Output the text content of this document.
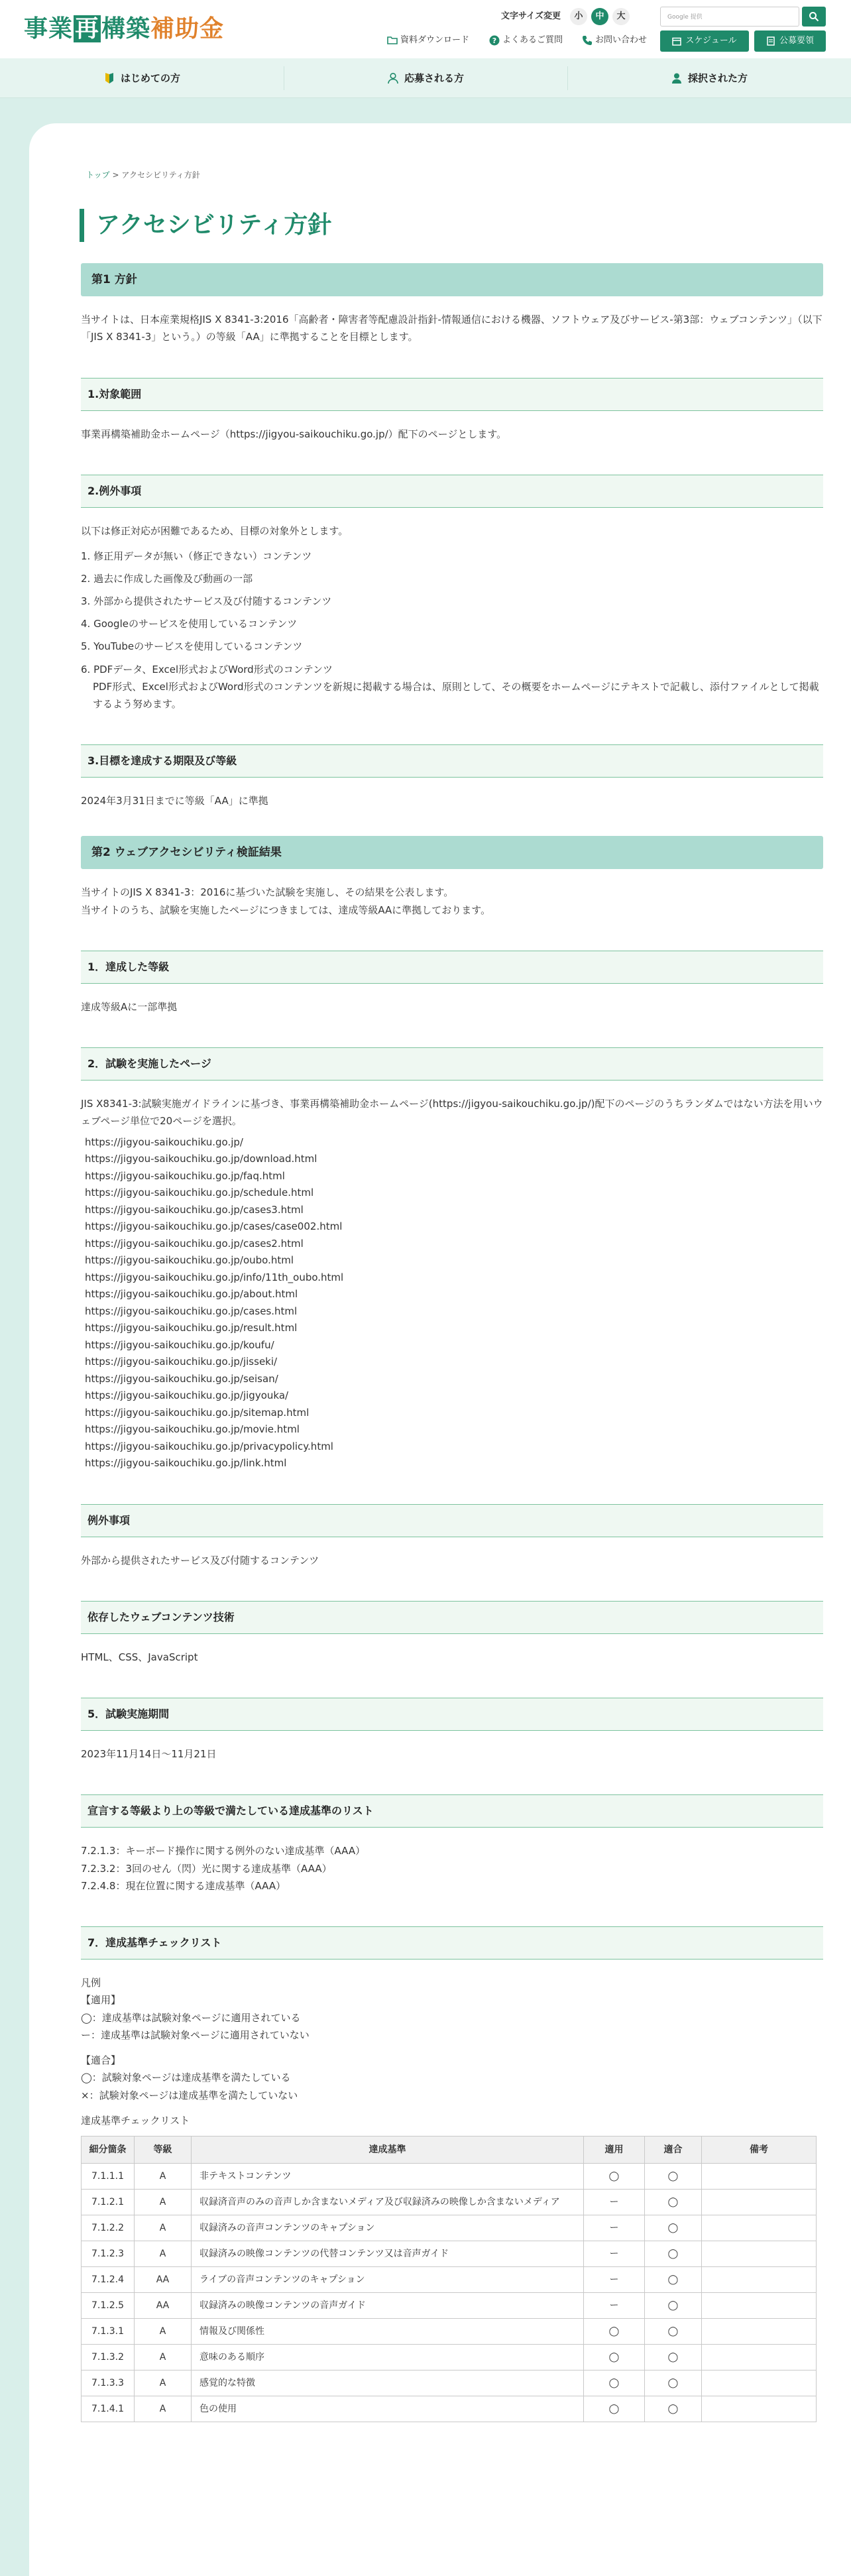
事業再構築補助金	文字サイズ変更	小	中	大	Google 提供
資料ダウンロード	? よくあるご質問	お問い合わせ	スケジュール	公募要領
はじめての方	応募される方	採択された方
トップ > アクセシビリティ方針
アクセシビリティ方針
第1 方針

当サイトは、日本産業規格JIS X 8341-3:2016「高齢者・障害者等配慮設計指針-情報通信における機器、ソフトウェア及びサービス-第3部：ウェブコンテンツ」（以下「JIS X 8341-3」という。）の等級「AA」に準拠することを目標とします。

1.対象範囲

事業再構築補助金ホームページ（https://jigyou-saikouchiku.go.jp/）配下のページとします。

2.例外事項

以下は修正対応が困難であるため、目標の対象外とします。

1. 修正用データが無い（修正できない）コンテンツ
2. 過去に作成した画像及び動画の一部
3. 外部から提供されたサービス及び付随するコンテンツ
4. Googleのサービスを使用しているコンテンツ
5. YouTubeのサービスを使用しているコンテンツ
6. PDFデータ、Excel形式およびWord形式のコンテンツ
PDF形式、Excel形式およびWord形式のコンテンツを新規に掲載する場合は、原則として、その概要をホームページにテキストで記載し、添付ファイルとして掲載するよう努めます。
3.目標を達成する期限及び等級

2024年3月31日までに等級「AA」に準拠

第2 ウェブアクセシビリティ検証結果

当サイトのJIS X 8341-3：2016に基づいた試験を実施し、その結果を公表します。

当サイトのうち、試験を実施したページにつきましては、達成等級AAに準拠しております。

1．達成した等級

達成等級Aに一部準拠

2．試験を実施したページ

JIS X8341-3:試験実施ガイドラインに基づき、事業再構築補助金ホームページ(https://jigyou-saikouchiku.go.jp/)配下のページのうちランダムではない方法を用いウェブページ単位で20ページを選択。

https://jigyou-saikouchiku.go.jp/
https://jigyou-saikouchiku.go.jp/download.html
https://jigyou-saikouchiku.go.jp/faq.html
https://jigyou-saikouchiku.go.jp/schedule.html
https://jigyou-saikouchiku.go.jp/cases3.html
https://jigyou-saikouchiku.go.jp/cases/case002.html
https://jigyou-saikouchiku.go.jp/cases2.html
https://jigyou-saikouchiku.go.jp/oubo.html
https://jigyou-saikouchiku.go.jp/info/11th_oubo.html
https://jigyou-saikouchiku.go.jp/about.html
https://jigyou-saikouchiku.go.jp/cases.html
https://jigyou-saikouchiku.go.jp/result.html
https://jigyou-saikouchiku.go.jp/koufu/
https://jigyou-saikouchiku.go.jp/jisseki/
https://jigyou-saikouchiku.go.jp/seisan/
https://jigyou-saikouchiku.go.jp/jigyouka/
https://jigyou-saikouchiku.go.jp/sitemap.html
https://jigyou-saikouchiku.go.jp/movie.html
https://jigyou-saikouchiku.go.jp/privacypolicy.html
https://jigyou-saikouchiku.go.jp/link.html
例外事項

外部から提供されたサービス及び付随するコンテンツ

依存したウェブコンテンツ技術

HTML、CSS、JavaScript

5．試験実施期間

2023年11月14日〜11月21日

宣言する等級より上の等級で満たしている達成基準のリスト

7.2.1.3：キーボード操作に関する例外のない達成基準（AAA）

7.2.3.2：3回のせん（閃）光に関する達成基準（AAA）

7.2.4.8：現在位置に関する達成基準（AAA）

7．達成基準チェックリスト

凡例

【適用】

◯：達成基準は試験対象ページに適用されている

ー：達成基準は試験対象ページに適用されていない

【適合】

◯：試験対象ページは達成基準を満たしている

×：試験対象ページは達成基準を満たしていない

達成基準チェックリスト

細分箇条	等級	達成基準	適用	適合	備考
7.1.1.1	A	非テキストコンテンツ	◯	◯	
7.1.2.1	A	収録済音声のみの音声しか含まないメディア及び収録済みの映像しか含まないメディア	ー	◯	
7.1.2.2	A	収録済みの音声コンテンツのキャプション	ー	◯	
7.1.2.3	A	収録済みの映像コンテンツの代替コンテンツ又は音声ガイド	ー	◯	
7.1.2.4	AA	ライブの音声コンテンツのキャプション	ー	◯	
7.1.2.5	AA	収録済みの映像コンテンツの音声ガイド	ー	◯	
7.1.3.1	A	情報及び関係性	◯	◯	
7.1.3.2	A	意味のある順序	◯	◯	
7.1.3.3	A	感覚的な特徴	◯	◯	
7.1.4.1	A	色の使用	◯	◯	
